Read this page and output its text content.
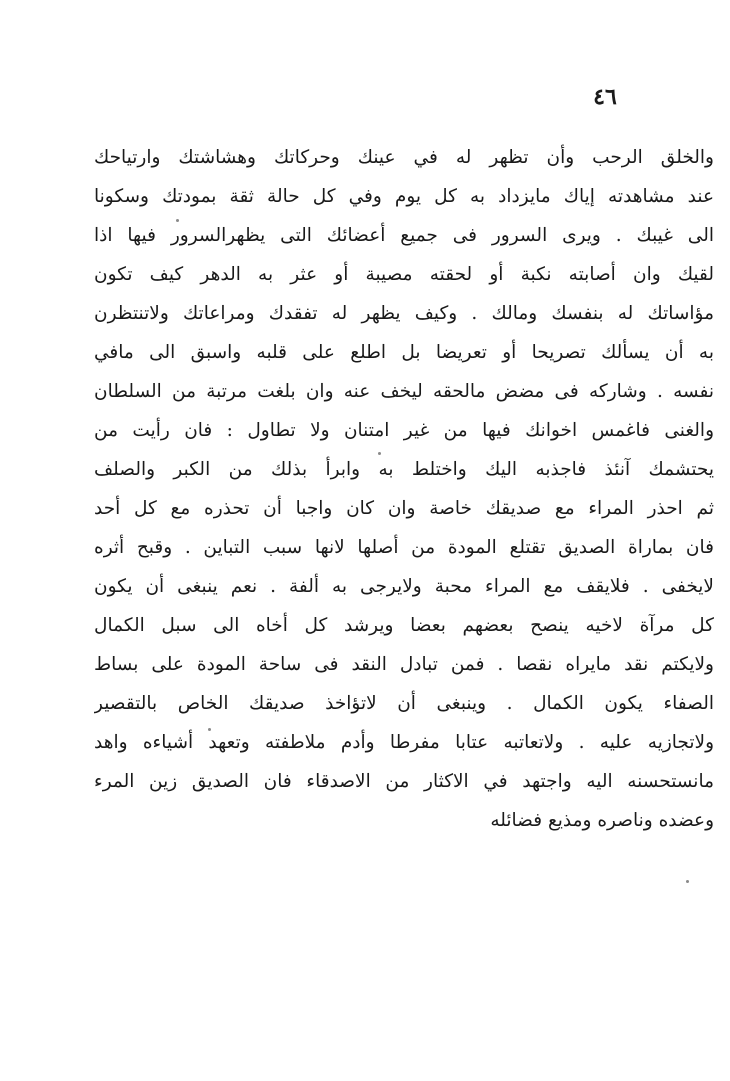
٤٦
والخلق الرحب وأن تظهر له في عينك وحركاتك وهشاشتك وارتياحك
عند مشاهدته إياك مايزداد به كل يوم وفي كل حالة ثقة بمودتك وسكونا
الى غيبك . ويرى السرور فى جميع أعضائك التى يظهرالسرور فيها اذا
لقيك وان أصابته نكبة أو لحقته مصيبة أو عثر به الدهر كيف تكون
مؤاساتك له بنفسك ومالك . وكيف يظهر له تفقدك ومراعاتك ولاتنتظرن
به أن يسألك تصريحا أو تعريضا بل اطلع على قلبه واسبق الى مافي
نفسه . وشاركه فى مضض مالحقه ليخف عنه وان بلغت مرتبة من السلطان
والغنى فاغمس اخوانك فيها من غير امتنان ولا تطاول : فان رأيت من
يحتشمك آنئذ فاجذبه اليك واختلط به وابرأ بذلك من الكبر والصلف
ثم احذر المراء مع صديقك خاصة وان كان واجبا أن تحذره مع كل أحد
فان بماراة الصديق تقتلع المودة من أصلها لانها سبب التباين . وقبح أثره
لايخفى . فلايقف مع المراء محبة ولايرجى به ألفة . نعم ينبغى أن يكون
كل مرآة لاخيه ينصح بعضهم بعضا ويرشد كل أخاه الى سبل الكمال
ولايكتم نقد مايراه نقصا . فمن تبادل النقد فى ساحة المودة على بساط
الصفاء يكون الكمال . وينبغى أن لاتؤاخذ صديقك الخاص بالتقصير
ولاتجازيه عليه . ولاتعاتبه عتابا مفرطا وأدم ملاطفته وتعهد أشياءه واهد
مانستحسنه اليه واجتهد في الاكثار من الاصدقاء فان الصديق زين المرء
وعضده وناصره ومذيع فضائله
